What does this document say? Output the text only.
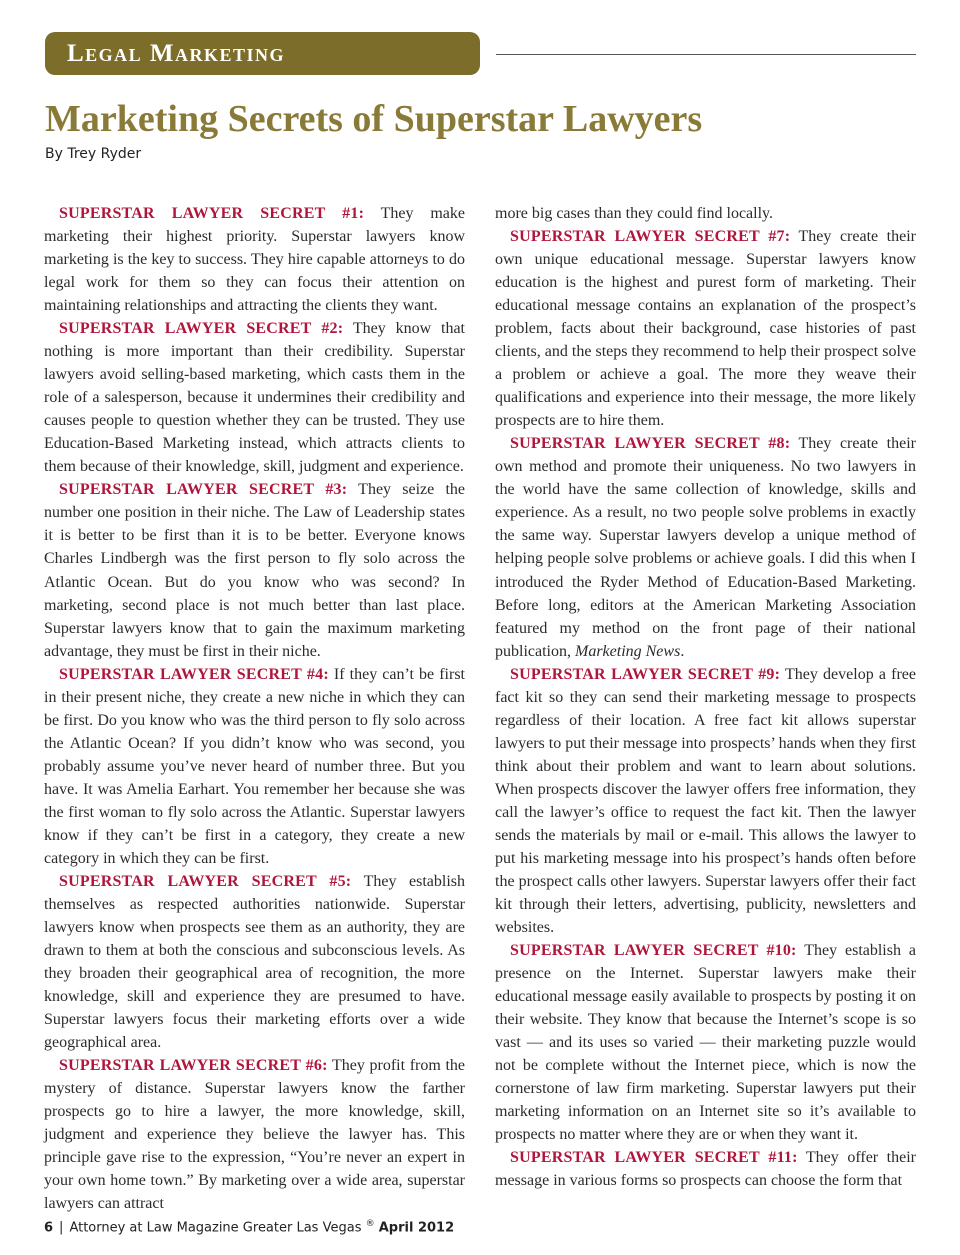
Legal Marketing
Marketing Secrets of Superstar Lawyers
By Trey Ryder

SUPERSTAR LAWYER SECRET #1: They make marketing their highest priority. Superstar lawyers know marketing is the key to success. They hire capable attorneys to do legal work for them so they can focus their attention on maintaining relationships and attracting the clients they want.

SUPERSTAR LAWYER SECRET #2: They know that nothing is more important than their credibility. Superstar lawyers avoid selling-based marketing, which casts them in the role of a salesperson, because it undermines their credibility and causes people to question whether they can be trusted. They use Education-Based Marketing instead, which attracts clients to them because of their knowledge, skill, judgment and experience.

SUPERSTAR LAWYER SECRET #3: They seize the number one position in their niche. The Law of Leadership states it is better to be first than it is to be better. Everyone knows Charles Lindbergh was the first person to fly solo across the Atlantic Ocean. But do you know who was second? In marketing, second place is not much better than last place. Superstar lawyers know that to gain the maximum marketing advantage, they must be first in their niche.

SUPERSTAR LAWYER SECRET #4: If they can’t be first in their present niche, they create a new niche in which they can be first. Do you know who was the third person to fly solo across the Atlantic Ocean? If you didn’t know who was second, you probably assume you’ve never heard of number three. But you have. It was Amelia Earhart. You remember her because she was the first woman to fly solo across the Atlantic. Superstar lawyers know if they can’t be first in a category, they create a new category in which they can be first.

SUPERSTAR LAWYER SECRET #5: They establish themselves as respected authorities nationwide. Superstar lawyers know when prospects see them as an authority, they are drawn to them at both the conscious and subconscious levels. As they broaden their geographical area of recognition, the more knowledge, skill and experience they are presumed to have. Superstar lawyers focus their marketing efforts over a wide geographical area.

SUPERSTAR LAWYER SECRET #6: They profit from the mystery of distance. Superstar lawyers know the farther prospects go to hire a lawyer, the more knowledge, skill, judgment and experience they believe the lawyer has. This principle gave rise to the expression, “You’re never an expert in your own home town.” By marketing over a wide area, superstar lawyers can attract

more big cases than they could find locally.

SUPERSTAR LAWYER SECRET #7: They create their own unique educational message. Superstar lawyers know education is the highest and purest form of marketing. Their educational message contains an explanation of the prospect’s problem, facts about their background, case histories of past clients, and the steps they recommend to help their prospect solve a problem or achieve a goal. The more they weave their qualifications and experience into their message, the more likely prospects are to hire them.

SUPERSTAR LAWYER SECRET #8: They create their own method and promote their uniqueness. No two lawyers in the world have the same collection of knowledge, skills and experience. As a result, no two people solve problems in exactly the same way. Superstar lawyers develop a unique method of helping people solve problems or achieve goals. I did this when I introduced the Ryder Method of Education-Based Marketing. Before long, editors at the American Marketing Association featured my method on the front page of their national publication, Marketing News.

SUPERSTAR LAWYER SECRET #9: They develop a free fact kit so they can send their marketing message to prospects regardless of their location. A free fact kit allows superstar lawyers to put their message into prospects’ hands when they first think about their problem and want to learn about solutions. When prospects discover the lawyer offers free information, they call the lawyer’s office to request the fact kit. Then the lawyer sends the materials by mail or e-mail. This allows the lawyer to put his marketing message into his prospect’s hands often before the prospect calls other lawyers. Superstar lawyers offer their fact kit through their letters, advertising, publicity, newsletters and websites.

SUPERSTAR LAWYER SECRET #10: They establish a presence on the Internet. Superstar lawyers make their educational message easily available to prospects by posting it on their website. They know that because the Internet’s scope is so vast — and its uses so varied — their marketing puzzle would not be complete without the Internet piece, which is now the cornerstone of law firm marketing. Superstar lawyers put their marketing information on an Internet site so it’s available to prospects no matter where they are or when they want it.

SUPERSTAR LAWYER SECRET #11: They offer their message in various forms so prospects can choose the form that

6 | Attorney at Law Magazine Greater Las Vegas ® April 2012
